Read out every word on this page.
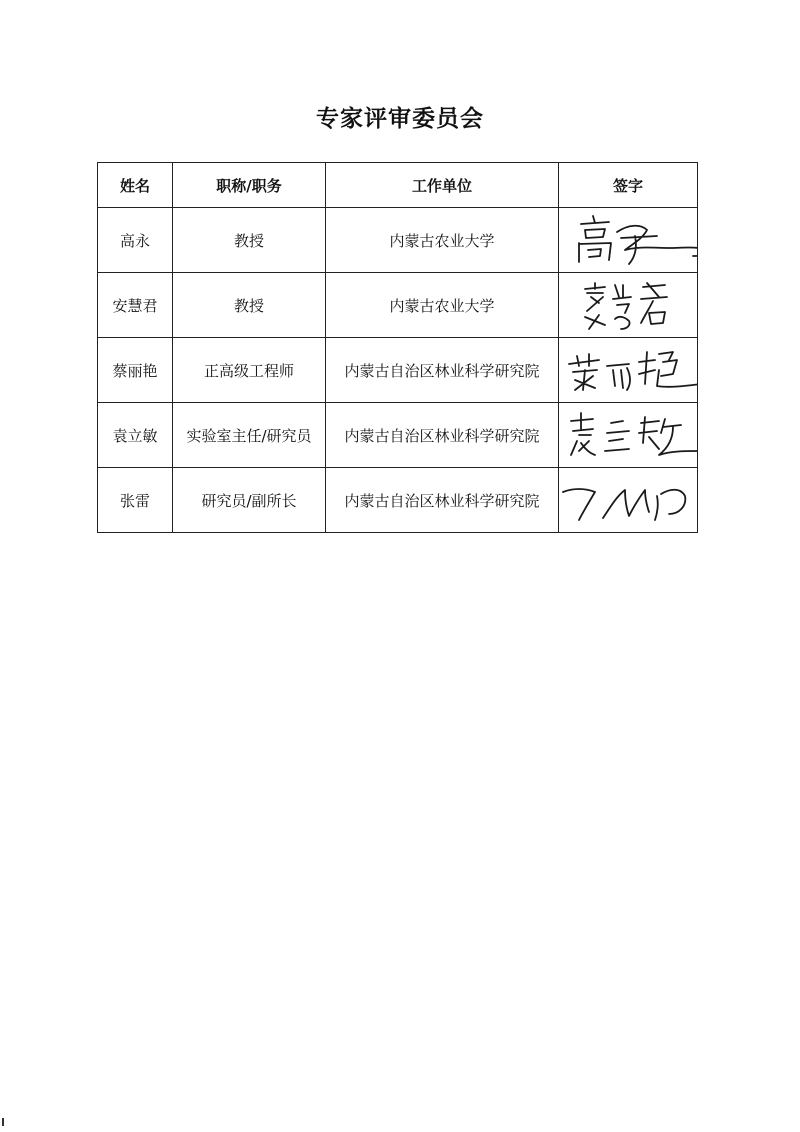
专家评审委员会
姓名	职称/职务	工作单位	签字
高永	教授	内蒙古农业大学	

安慧君	教授	内蒙古农业大学	

蔡丽艳	正高级工程师	内蒙古自治区林业科学研究院	

袁立敏	实验室主任/研究员	内蒙古自治区林业科学研究院	

张雷	研究员/副所长	内蒙古自治区林业科学研究院	
